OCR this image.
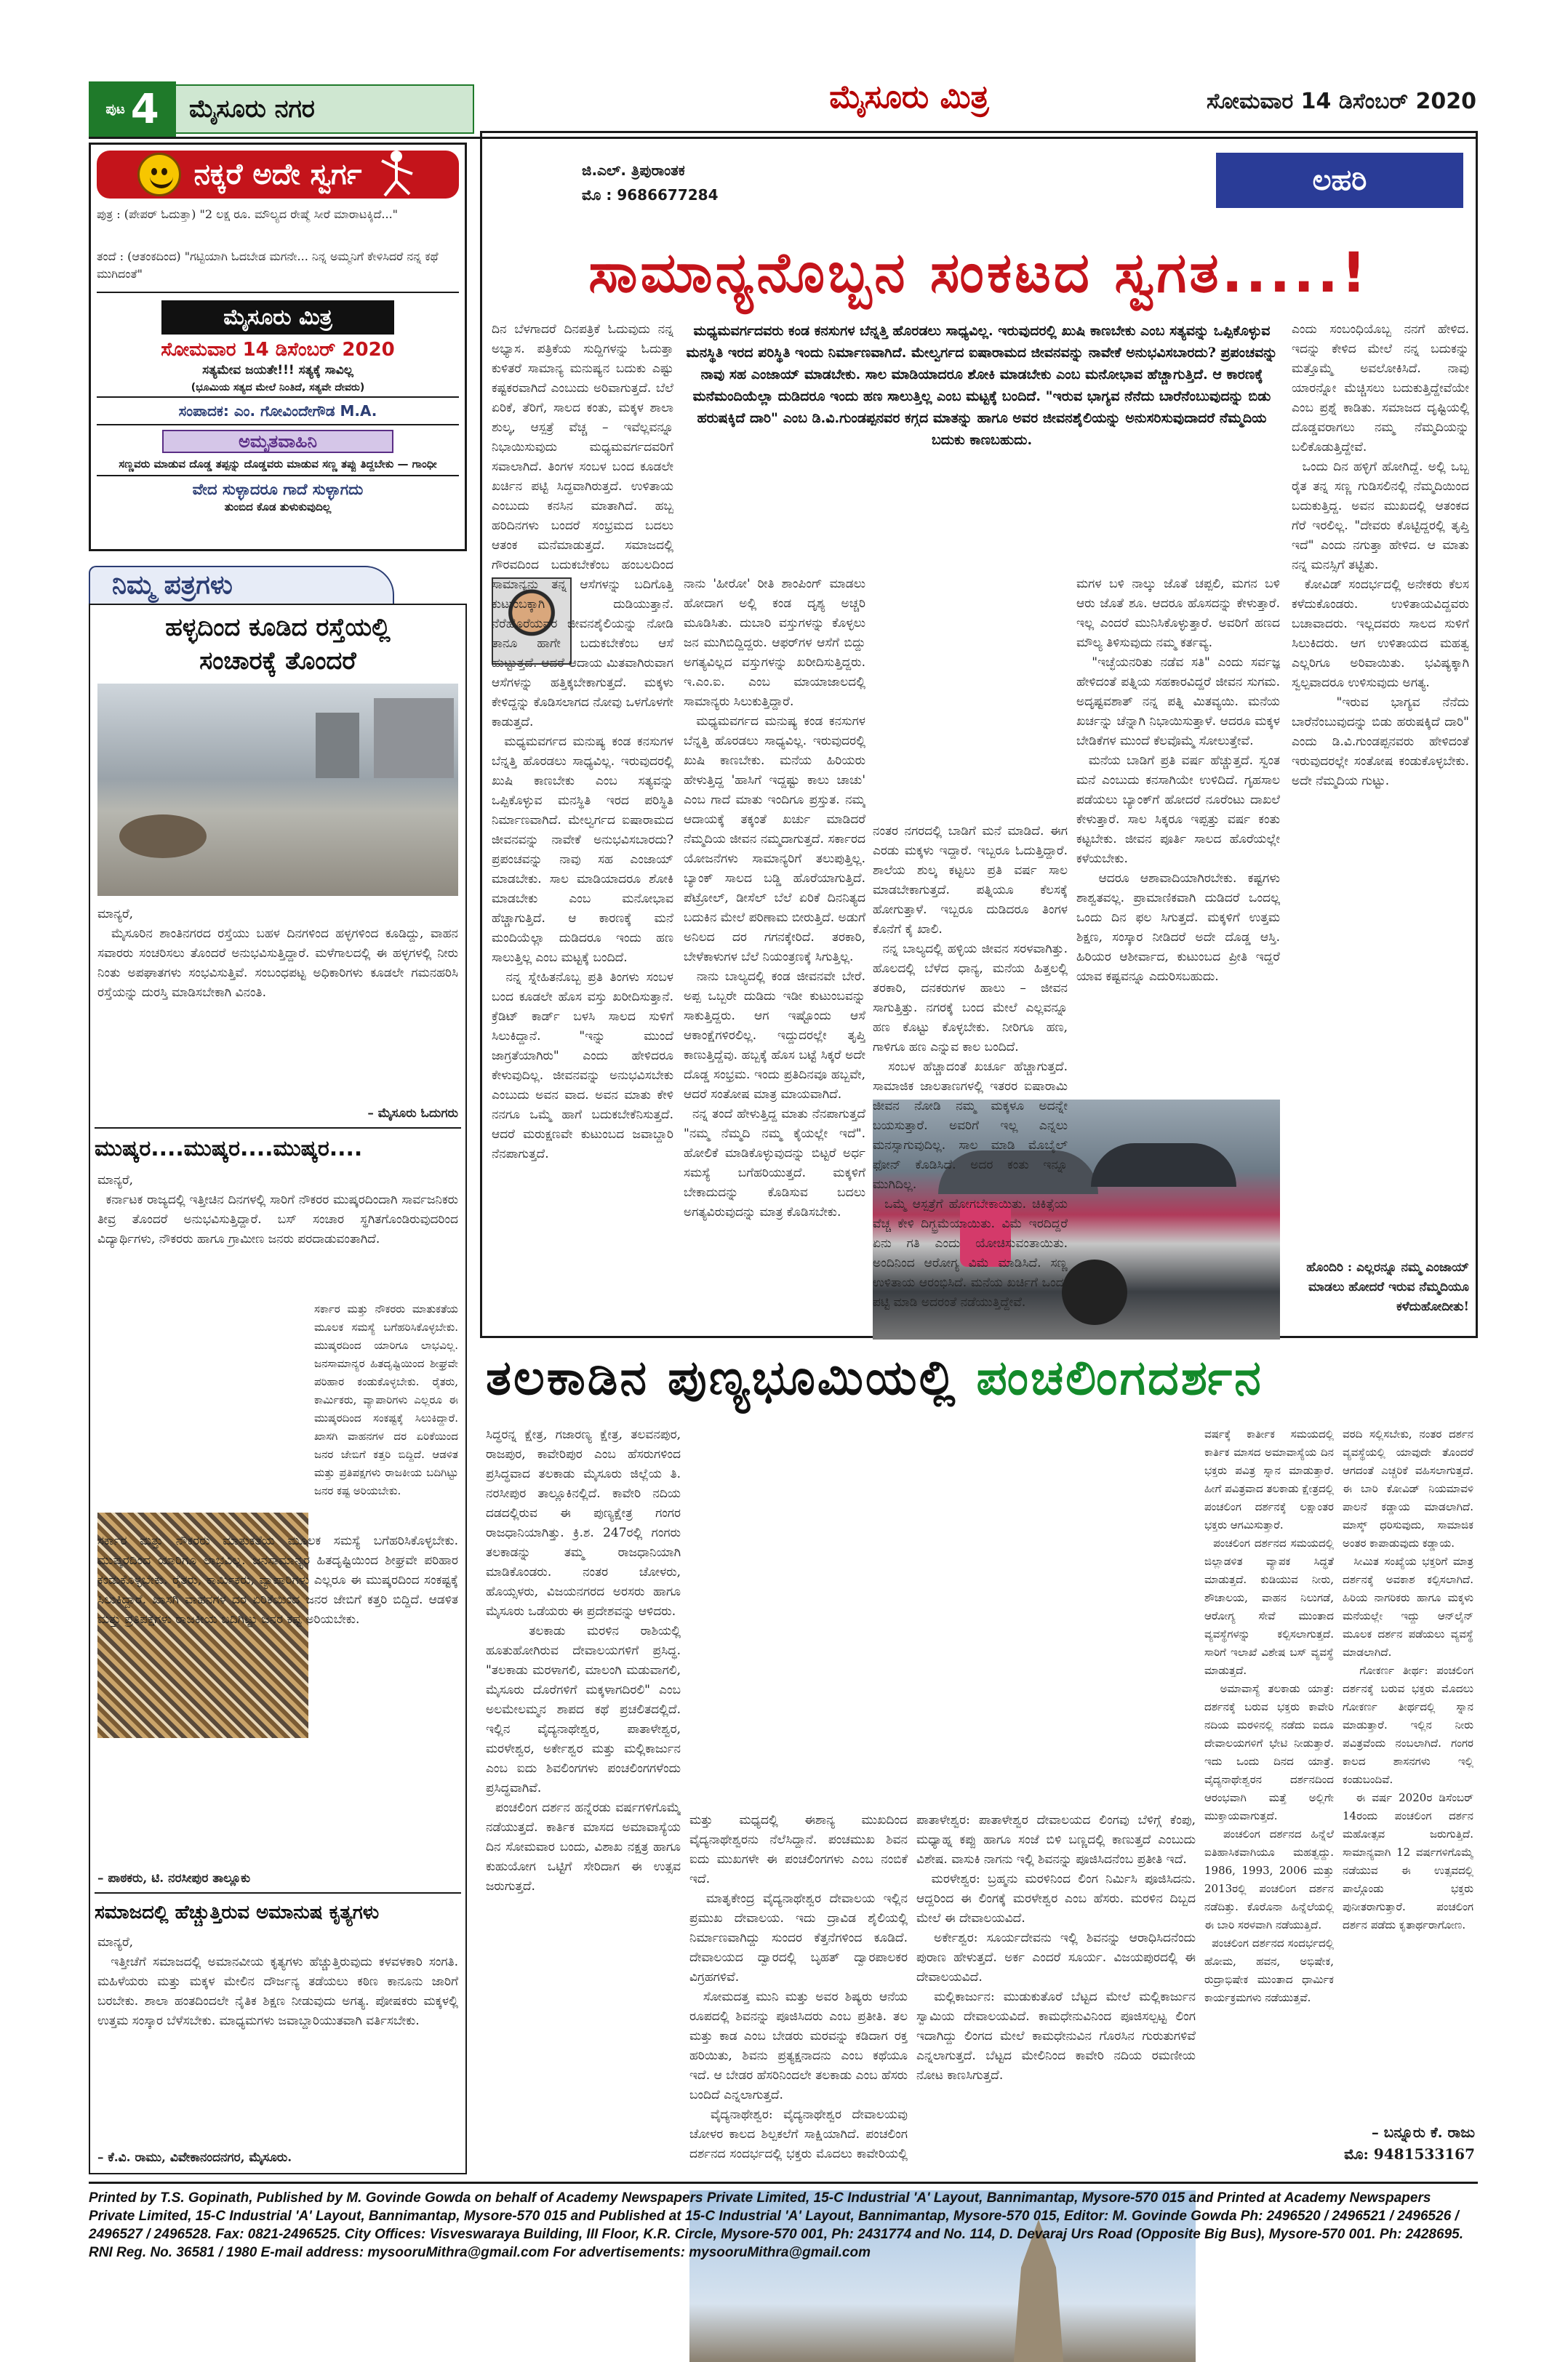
ಪುಟ 4	ಮೈಸೂರು ನಗರ	ಮೈಸೂರು ಮಿತ್ರ	ಸೋಮವಾರ 14 ಡಿಸೆಂಬರ್ 2020
ನಕ್ಕರೆ ಅದೇ ಸ್ವರ್ಗ
ಪುತ್ರ : (ಪೇಪರ್ ಓದುತ್ತಾ) "2 ಲಕ್ಷ ರೂ. ಮೌಲ್ಯದ ರೇಷ್ಮೆ ಸೀರೆ ಮಾರಾಟಕ್ಕಿದೆ..."
ತಂದೆ : (ಆತಂಕದಿಂದ) "ಗಟ್ಟಿಯಾಗಿ ಓದಬೇಡ ಮಗನೇ... ನಿನ್ನ ಅಮ್ಮನಿಗೆ ಕೇಳಿಸಿದರೆ ನನ್ನ ಕಥೆ ಮುಗಿದಂತೆ"
ಮೈಸೂರು ಮಿತ್ರ
ಸೋಮವಾರ 14 ಡಿಸೆಂಬರ್ 2020
ಸತ್ಯಮೇವ ಜಯತೇ!!! ಸತ್ಯಕ್ಕೆ ಸಾವಿಲ್ಲ
(ಭೂಮಿಯ ಸತ್ಯದ ಮೇಲೆ ನಿಂತಿದೆ, ಸತ್ಯವೇ ದೇವರು)
ಸಂಪಾದಕ: ಎಂ. ಗೋವಿಂದೇಗೌಡ M.A.
ಅಮೃತವಾಹಿನಿ
ಸಣ್ಣವರು ಮಾಡುವ ದೊಡ್ಡ ತಪ್ಪನ್ನು ದೊಡ್ಡವರು ಮಾಡುವ ಸಣ್ಣ ತಪ್ಪು ತಿದ್ದಬೇಕು — ಗಾಂಧೀ
ವೇದ ಸುಳ್ಳಾದರೂ ಗಾದೆ ಸುಳ್ಳಾಗದು
ತುಂಬಿದ ಕೊಡ ತುಳುಕುವುದಿಲ್ಲ
ನಿಮ್ಮ ಪತ್ರಗಳು
ಹಳ್ಳದಿಂದ ಕೂಡಿದ ರಸ್ತೆಯಲ್ಲಿ
ಸಂಚಾರಕ್ಕೆ ತೊಂದರೆ
ಮಾನ್ಯರೆ,
ಮೈಸೂರಿನ ಶಾಂತಿನಗರದ ರಸ್ತೆಯು ಬಹಳ ದಿನಗಳಿಂದ ಹಳ್ಳಗಳಿಂದ ಕೂಡಿದ್ದು, ವಾಹನ ಸವಾರರು ಸಂಚರಿಸಲು ತೊಂದರೆ ಅನುಭವಿಸುತ್ತಿದ್ದಾರೆ. ಮಳೆಗಾಲದಲ್ಲಿ ಈ ಹಳ್ಳಗಳಲ್ಲಿ ನೀರು ನಿಂತು ಅಪಘಾತಗಳು ಸಂಭವಿಸುತ್ತಿವೆ. ಸಂಬಂಧಪಟ್ಟ ಅಧಿಕಾರಿಗಳು ಕೂಡಲೇ ಗಮನಹರಿಸಿ ರಸ್ತೆಯನ್ನು ದುರಸ್ತಿ ಮಾಡಿಸಬೇಕಾಗಿ ವಿನಂತಿ.
– ಮೈಸೂರು ಓದುಗರು
ಮುಷ್ಕರ....ಮುಷ್ಕರ....ಮುಷ್ಕರ....
ಮಾನ್ಯರೆ,
ಕರ್ನಾಟಕ ರಾಜ್ಯದಲ್ಲಿ ಇತ್ತೀಚಿನ ದಿನಗಳಲ್ಲಿ ಸಾರಿಗೆ ನೌಕರರ ಮುಷ್ಕರದಿಂದಾಗಿ ಸಾರ್ವಜನಿಕರು ತೀವ್ರ ತೊಂದರೆ ಅನುಭವಿಸುತ್ತಿದ್ದಾರೆ. ಬಸ್ ಸಂಚಾರ ಸ್ಥಗಿತಗೊಂಡಿರುವುದರಿಂದ ವಿದ್ಯಾರ್ಥಿಗಳು, ನೌಕರರು ಹಾಗೂ ಗ್ರಾಮೀಣ ಜನರು ಪರದಾಡುವಂತಾಗಿದೆ.
ಸರ್ಕಾರ ಮತ್ತು ನೌಕರರು ಮಾತುಕತೆಯ ಮೂಲಕ ಸಮಸ್ಯೆ ಬಗೆಹರಿಸಿಕೊಳ್ಳಬೇಕು. ಮುಷ್ಕರದಿಂದ ಯಾರಿಗೂ ಲಾಭವಿಲ್ಲ. ಜನಸಾಮಾನ್ಯರ ಹಿತದೃಷ್ಟಿಯಿಂದ ಶೀಘ್ರವೇ ಪರಿಹಾರ ಕಂಡುಕೊಳ್ಳಬೇಕು. ರೈತರು, ಕಾರ್ಮಿಕರು, ವ್ಯಾಪಾರಿಗಳು ಎಲ್ಲರೂ ಈ ಮುಷ್ಕರದಿಂದ ಸಂಕಷ್ಟಕ್ಕೆ ಸಿಲುಕಿದ್ದಾರೆ. ಖಾಸಗಿ ವಾಹನಗಳ ದರ ಏರಿಕೆಯಿಂದ ಜನರ ಜೇಬಿಗೆ ಕತ್ತರಿ ಬಿದ್ದಿದೆ. ಆಡಳಿತ ಮತ್ತು ಪ್ರತಿಪಕ್ಷಗಳು ರಾಜಕೀಯ ಬದಿಗಿಟ್ಟು ಜನರ ಕಷ್ಟ ಅರಿಯಬೇಕು.
ಸರ್ಕಾರ ಮತ್ತು ನೌಕರರು ಮಾತುಕತೆಯ ಮೂಲಕ ಸಮಸ್ಯೆ ಬಗೆಹರಿಸಿಕೊಳ್ಳಬೇಕು. ಮುಷ್ಕರದಿಂದ ಯಾರಿಗೂ ಲಾಭವಿಲ್ಲ. ಜನಸಾಮಾನ್ಯರ ಹಿತದೃಷ್ಟಿಯಿಂದ ಶೀಘ್ರವೇ ಪರಿಹಾರ ಕಂಡುಕೊಳ್ಳಬೇಕು. ರೈತರು, ಕಾರ್ಮಿಕರು, ವ್ಯಾಪಾರಿಗಳು ಎಲ್ಲರೂ ಈ ಮುಷ್ಕರದಿಂದ ಸಂಕಷ್ಟಕ್ಕೆ ಸಿಲುಕಿದ್ದಾರೆ. ಖಾಸಗಿ ವಾಹನಗಳ ದರ ಏರಿಕೆಯಿಂದ ಜನರ ಜೇಬಿಗೆ ಕತ್ತರಿ ಬಿದ್ದಿದೆ. ಆಡಳಿತ ಮತ್ತು ಪ್ರತಿಪಕ್ಷಗಳು ರಾಜಕೀಯ ಬದಿಗಿಟ್ಟು ಜನರ ಕಷ್ಟ ಅರಿಯಬೇಕು.
– ಪಾಠಕರು, ಟಿ. ನರಸೀಪುರ ತಾಲ್ಲೂಕು
ಸಮಾಜದಲ್ಲಿ ಹೆಚ್ಚುತ್ತಿರುವ ಅಮಾನುಷ ಕೃತ್ಯಗಳು
ಮಾನ್ಯರೆ,
ಇತ್ತೀಚೆಗೆ ಸಮಾಜದಲ್ಲಿ ಅಮಾನವೀಯ ಕೃತ್ಯಗಳು ಹೆಚ್ಚುತ್ತಿರುವುದು ಕಳವಳಕಾರಿ ಸಂಗತಿ. ಮಹಿಳೆಯರು ಮತ್ತು ಮಕ್ಕಳ ಮೇಲಿನ ದೌರ್ಜನ್ಯ ತಡೆಯಲು ಕಠಿಣ ಕಾನೂನು ಜಾರಿಗೆ ಬರಬೇಕು. ಶಾಲಾ ಹಂತದಿಂದಲೇ ನೈತಿಕ ಶಿಕ್ಷಣ ನೀಡುವುದು ಅಗತ್ಯ. ಪೋಷಕರು ಮಕ್ಕಳಲ್ಲಿ ಉತ್ತಮ ಸಂಸ್ಕಾರ ಬೆಳೆಸಬೇಕು. ಮಾಧ್ಯಮಗಳು ಜವಾಬ್ದಾರಿಯುತವಾಗಿ ವರ್ತಿಸಬೇಕು.
– ಕೆ.ವಿ. ರಾಮು, ವಿವೇಕಾನಂದನಗರ, ಮೈಸೂರು.
ಜಿ.ಎಲ್. ತ್ರಿಪುರಾಂತಕ
ಮೊ : 9686677284	ಲಹರಿ
ಸಾಮಾನ್ಯನೊಬ್ಬನ ಸಂಕಟದ ಸ್ವಗತ.....!
ದಿನ ಬೆಳಗಾದರೆ ದಿನಪತ್ರಿಕೆ ಓದುವುದು ನನ್ನ ಅಭ್ಯಾಸ. ಪತ್ರಿಕೆಯ ಸುದ್ದಿಗಳನ್ನು ಓದುತ್ತಾ ಕುಳಿತರೆ ಸಾಮಾನ್ಯ ಮನುಷ್ಯನ ಬದುಕು ಎಷ್ಟು ಕಷ್ಟಕರವಾಗಿದೆ ಎಂಬುದು ಅರಿವಾಗುತ್ತದೆ. ಬೆಲೆ ಏರಿಕೆ, ತೆರಿಗೆ, ಸಾಲದ ಕಂತು, ಮಕ್ಕಳ ಶಾಲಾ ಶುಲ್ಕ, ಆಸ್ಪತ್ರೆ ವೆಚ್ಚ – ಇವೆಲ್ಲವನ್ನೂ ನಿಭಾಯಿಸುವುದು ಮಧ್ಯಮವರ್ಗದವರಿಗೆ ಸವಾಲಾಗಿದೆ. ತಿಂಗಳ ಸಂಬಳ ಬಂದ ಕೂಡಲೇ ಖರ್ಚಿನ ಪಟ್ಟಿ ಸಿದ್ಧವಾಗಿರುತ್ತದೆ. ಉಳಿತಾಯ ಎಂಬುದು ಕನಸಿನ ಮಾತಾಗಿದೆ. ಹಬ್ಬ ಹರಿದಿನಗಳು ಬಂದರೆ ಸಂಭ್ರಮದ ಬದಲು ಆತಂಕ ಮನೆಮಾಡುತ್ತದೆ. ಸಮಾಜದಲ್ಲಿ ಗೌರವದಿಂದ ಬದುಕಬೇಕೆಂಬ ಹಂಬಲದಿಂದ ಸಾಮಾನ್ಯನು ತನ್ನ ಆಸೆಗಳನ್ನು ಬದಿಗೊತ್ತಿ ಕುಟುಂಬಕ್ಕಾಗಿ ದುಡಿಯುತ್ತಾನೆ. ನೆರೆಹೊರೆಯವರ ಜೀವನಶೈಲಿಯನ್ನು ನೋಡಿ ತಾನೂ ಹಾಗೇ ಬದುಕಬೇಕೆಂಬ ಆಸೆ ಹುಟ್ಟುತ್ತದೆ. ಆದರೆ ಆದಾಯ ಮಿತವಾಗಿರುವಾಗ ಆಸೆಗಳನ್ನು ಹತ್ತಿಕ್ಕಬೇಕಾಗುತ್ತದೆ. ಮಕ್ಕಳು ಕೇಳಿದ್ದನ್ನು ಕೊಡಿಸಲಾಗದ ನೋವು ಒಳಗೊಳಗೇ ಕಾಡುತ್ತದೆ.
ಮಧ್ಯಮವರ್ಗದ ಮನುಷ್ಯ ಕಂಡ ಕನಸುಗಳ ಬೆನ್ನತ್ತಿ ಹೊರಡಲು ಸಾಧ್ಯವಿಲ್ಲ. ಇರುವುದರಲ್ಲಿ ಖುಷಿ ಕಾಣಬೇಕು ಎಂಬ ಸತ್ಯವನ್ನು ಒಪ್ಪಿಕೊಳ್ಳುವ ಮನಸ್ಥಿತಿ ಇರದ ಪರಿಸ್ಥಿತಿ ನಿರ್ಮಾಣವಾಗಿದೆ. ಮೇಲ್ವರ್ಗದ ಐಷಾರಾಮದ ಜೀವನವನ್ನು ನಾವೇಕೆ ಅನುಭವಿಸಬಾರದು? ಪ್ರಪಂಚವನ್ನು ನಾವು ಸಹ ಎಂಜಾಯ್ ಮಾಡಬೇಕು. ಸಾಲ ಮಾಡಿಯಾದರೂ ಶೋಕಿ ಮಾಡಬೇಕು ಎಂಬ ಮನೋಭಾವ ಹೆಚ್ಚಾಗುತ್ತಿದೆ. ಆ ಕಾರಣಕ್ಕೆ ಮನೆ ಮಂದಿಯೆಲ್ಲಾ ದುಡಿದರೂ ಇಂದು ಹಣ ಸಾಲುತ್ತಿಲ್ಲ ಎಂಬ ಮಟ್ಟಕ್ಕೆ ಬಂದಿದೆ.
ನನ್ನ ಸ್ನೇಹಿತನೊಬ್ಬ ಪ್ರತಿ ತಿಂಗಳು ಸಂಬಳ ಬಂದ ಕೂಡಲೇ ಹೊಸ ವಸ್ತು ಖರೀದಿಸುತ್ತಾನೆ. ಕ್ರೆಡಿಟ್ ಕಾರ್ಡ್ ಬಳಸಿ ಸಾಲದ ಸುಳಿಗೆ ಸಿಲುಕಿದ್ದಾನೆ. "ಇನ್ನು ಮುಂದೆ ಜಾಗ್ರತೆಯಾಗಿರು" ಎಂದು ಹೇಳಿದರೂ ಕೇಳುವುದಿಲ್ಲ. ಜೀವನವನ್ನು ಅನುಭವಿಸಬೇಕು ಎಂಬುದು ಅವನ ವಾದ. ಅವನ ಮಾತು ಕೇಳಿ ನನಗೂ ಒಮ್ಮೆ ಹಾಗೆ ಬದುಕಬೇಕೆನಿಸುತ್ತದೆ. ಆದರೆ ಮರುಕ್ಷಣವೇ ಕುಟುಂಬದ ಜವಾಬ್ದಾರಿ ನೆನಪಾಗುತ್ತದೆ.
ಮಧ್ಯಮವರ್ಗದವರು ಕಂಡ ಕನಸುಗಳ ಬೆನ್ನತ್ತಿ ಹೊರಡಲು ಸಾಧ್ಯವಿಲ್ಲ. ಇರುವುದರಲ್ಲಿ ಖುಷಿ ಕಾಣಬೇಕು ಎಂಬ ಸತ್ಯವನ್ನು ಒಪ್ಪಿಕೊಳ್ಳುವ ಮನಸ್ಥಿತಿ ಇರದ ಪರಿಸ್ಥಿತಿ ಇಂದು ನಿರ್ಮಾಣವಾಗಿದೆ. ಮೇಲ್ವರ್ಗದ ಐಷಾರಾಮದ ಜೀವನವನ್ನು ನಾವೇಕೆ ಅನುಭವಿಸಬಾರದು? ಪ್ರಪಂಚವನ್ನು ನಾವು ಸಹ ಎಂಜಾಯ್ ಮಾಡಬೇಕು. ಸಾಲ ಮಾಡಿಯಾದರೂ ಶೋಕಿ ಮಾಡಬೇಕು ಎಂಬ ಮನೋಭಾವ ಹೆಚ್ಚಾಗುತ್ತಿದೆ. ಆ ಕಾರಣಕ್ಕೆ ಮನೆಮಂದಿಯೆಲ್ಲಾ ದುಡಿದರೂ ಇಂದು ಹಣ ಸಾಲುತ್ತಿಲ್ಲ ಎಂಬ ಮಟ್ಟಕ್ಕೆ ಬಂದಿದೆ. "ಇರುವ ಭಾಗ್ಯವ ನೆನೆದು ಬಾರೆನೆಂಬುವುದನ್ನು ಬಿಡು ಹರುಷಕ್ಕಿದೆ ದಾರಿ" ಎಂಬ ಡಿ.ವಿ.ಗುಂಡಪ್ಪನವರ ಕಗ್ಗದ ಮಾತನ್ನು ಹಾಗೂ ಅವರ ಜೀವನಶೈಲಿಯನ್ನು ಅನುಸರಿಸುವುದಾದರೆ ನೆಮ್ಮದಿಯ ಬದುಕು ಕಾಣಬಹುದು.
ನಾನು 'ಹೀರೋ' ರೀತಿ ಶಾಂಪಿಂಗ್ ಮಾಡಲು ಹೋದಾಗ ಅಲ್ಲಿ ಕಂಡ ದೃಶ್ಯ ಅಚ್ಚರಿ ಮೂಡಿಸಿತು. ದುಬಾರಿ ವಸ್ತುಗಳನ್ನು ಕೊಳ್ಳಲು ಜನ ಮುಗಿಬಿದ್ದಿದ್ದರು. ಆಫರ್‌ಗಳ ಆಸೆಗೆ ಬಿದ್ದು ಅಗತ್ಯವಿಲ್ಲದ ವಸ್ತುಗಳನ್ನು ಖರೀದಿಸುತ್ತಿದ್ದರು. ಇ.ಎಂ.ಐ. ಎಂಬ ಮಾಯಾಜಾಲದಲ್ಲಿ ಸಾಮಾನ್ಯರು ಸಿಲುಕುತ್ತಿದ್ದಾರೆ.
ಮಧ್ಯಮವರ್ಗದ ಮನುಷ್ಯ ಕಂಡ ಕನಸುಗಳ ಬೆನ್ನತ್ತಿ ಹೊರಡಲು ಸಾಧ್ಯವಿಲ್ಲ. ಇರುವುದರಲ್ಲಿ ಖುಷಿ ಕಾಣಬೇಕು. ಮನೆಯ ಹಿರಿಯರು ಹೇಳುತ್ತಿದ್ದ 'ಹಾಸಿಗೆ ಇದ್ದಷ್ಟು ಕಾಲು ಚಾಚು' ಎಂಬ ಗಾದೆ ಮಾತು ಇಂದಿಗೂ ಪ್ರಸ್ತುತ. ನಮ್ಮ ಆದಾಯಕ್ಕೆ ತಕ್ಕಂತೆ ಖರ್ಚು ಮಾಡಿದರೆ ನೆಮ್ಮದಿಯ ಜೀವನ ನಮ್ಮದಾಗುತ್ತದೆ. ಸರ್ಕಾರದ ಯೋಜನೆಗಳು ಸಾಮಾನ್ಯರಿಗೆ ತಲುಪುತ್ತಿಲ್ಲ. ಬ್ಯಾಂಕ್ ಸಾಲದ ಬಡ್ಡಿ ಹೊರೆಯಾಗುತ್ತಿದೆ. ಪೆಟ್ರೋಲ್, ಡೀಸೆಲ್ ಬೆಲೆ ಏರಿಕೆ ದಿನನಿತ್ಯದ ಬದುಕಿನ ಮೇಲೆ ಪರಿಣಾಮ ಬೀರುತ್ತಿದೆ. ಅಡುಗೆ ಅನಿಲದ ದರ ಗಗನಕ್ಕೇರಿದೆ. ತರಕಾರಿ, ಬೇಳೆಕಾಳುಗಳ ಬೆಲೆ ನಿಯಂತ್ರಣಕ್ಕೆ ಸಿಗುತ್ತಿಲ್ಲ.
ನಾನು ಬಾಲ್ಯದಲ್ಲಿ ಕಂಡ ಜೀವನವೇ ಬೇರೆ. ಅಪ್ಪ ಒಬ್ಬರೇ ದುಡಿದು ಇಡೀ ಕುಟುಂಬವನ್ನು ಸಾಕುತ್ತಿದ್ದರು. ಆಗ ಇಷ್ಟೊಂದು ಆಸೆ ಆಕಾಂಕ್ಷೆಗಳಿರಲಿಲ್ಲ. ಇದ್ದುದರಲ್ಲೇ ತೃಪ್ತಿ ಕಾಣುತ್ತಿದ್ದೆವು. ಹಬ್ಬಕ್ಕೆ ಹೊಸ ಬಟ್ಟೆ ಸಿಕ್ಕರೆ ಅದೇ ದೊಡ್ಡ ಸಂಭ್ರಮ. ಇಂದು ಪ್ರತಿದಿನವೂ ಹಬ್ಬವೇ, ಆದರೆ ಸಂತೋಷ ಮಾತ್ರ ಮಾಯವಾಗಿದೆ.
ನನ್ನ ತಂದೆ ಹೇಳುತ್ತಿದ್ದ ಮಾತು ನೆನಪಾಗುತ್ತದೆ "ನಮ್ಮ ನೆಮ್ಮದಿ ನಮ್ಮ ಕೈಯಲ್ಲೇ ಇದೆ". ಹೋಲಿಕೆ ಮಾಡಿಕೊಳ್ಳುವುದನ್ನು ಬಿಟ್ಟರೆ ಅರ್ಧ ಸಮಸ್ಯೆ ಬಗೆಹರಿಯುತ್ತದೆ. ಮಕ್ಕಳಿಗೆ ಬೇಕಾದುದನ್ನು ಕೊಡಿಸುವ ಬದಲು ಅಗತ್ಯವಿರುವುದನ್ನು ಮಾತ್ರ ಕೊಡಿಸಬೇಕು.
ನಂತರ ನಗರದಲ್ಲಿ ಬಾಡಿಗೆ ಮನೆ ಮಾಡಿದೆ. ಈಗ ಎರಡು ಮಕ್ಕಳು ಇದ್ದಾರೆ. ಇಬ್ಬರೂ ಓದುತ್ತಿದ್ದಾರೆ. ಶಾಲೆಯ ಶುಲ್ಕ ಕಟ್ಟಲು ಪ್ರತಿ ವರ್ಷ ಸಾಲ ಮಾಡಬೇಕಾಗುತ್ತದೆ. ಪತ್ನಿಯೂ ಕೆಲಸಕ್ಕೆ ಹೋಗುತ್ತಾಳೆ. ಇಬ್ಬರೂ ದುಡಿದರೂ ತಿಂಗಳ ಕೊನೆಗೆ ಕೈ ಖಾಲಿ.
ನನ್ನ ಬಾಲ್ಯದಲ್ಲಿ ಹಳ್ಳಿಯ ಜೀವನ ಸರಳವಾಗಿತ್ತು. ಹೊಲದಲ್ಲಿ ಬೆಳೆದ ಧಾನ್ಯ, ಮನೆಯ ಹಿತ್ತಲಲ್ಲಿ ತರಕಾರಿ, ದನಕರುಗಳ ಹಾಲು – ಜೀವನ ಸಾಗುತ್ತಿತ್ತು. ನಗರಕ್ಕೆ ಬಂದ ಮೇಲೆ ಎಲ್ಲವನ್ನೂ ಹಣ ಕೊಟ್ಟು ಕೊಳ್ಳಬೇಕು. ನೀರಿಗೂ ಹಣ, ಗಾಳಿಗೂ ಹಣ ಎನ್ನುವ ಕಾಲ ಬಂದಿದೆ.
ಸಂಬಳ ಹೆಚ್ಚಾದಂತೆ ಖರ್ಚೂ ಹೆಚ್ಚಾಗುತ್ತದೆ. ಸಾಮಾಜಿಕ ಜಾಲತಾಣಗಳಲ್ಲಿ ಇತರರ ಐಷಾರಾಮಿ ಜೀವನ ನೋಡಿ ನಮ್ಮ ಮಕ್ಕಳೂ ಅದನ್ನೇ ಬಯಸುತ್ತಾರೆ. ಅವರಿಗೆ ಇಲ್ಲ ಎನ್ನಲು ಮನಸ್ಸಾಗುವುದಿಲ್ಲ. ಸಾಲ ಮಾಡಿ ಮೊಬೈಲ್ ಫೋನ್ ಕೊಡಿಸಿದೆ. ಅದರ ಕಂತು ಇನ್ನೂ ಮುಗಿದಿಲ್ಲ.
ಒಮ್ಮೆ ಆಸ್ಪತ್ರೆಗೆ ಹೋಗಬೇಕಾಯಿತು. ಚಿಕಿತ್ಸೆಯ ವೆಚ್ಚ ಕೇಳಿ ದಿಗ್ಭ್ರಮೆಯಾಯಿತು. ವಿಮೆ ಇರದಿದ್ದರೆ ಏನು ಗತಿ ಎಂದು ಯೋಚಿಸುವಂತಾಯಿತು. ಅಂದಿನಿಂದ ಆರೋಗ್ಯ ವಿಮೆ ಮಾಡಿಸಿದೆ. ಸಣ್ಣ ಉಳಿತಾಯ ಆರಂಭಿಸಿದೆ. ಮನೆಯ ಖರ್ಚಿಗೆ ಒಂದು ಪಟ್ಟಿ ಮಾಡಿ ಅದರಂತೆ ನಡೆಯುತ್ತಿದ್ದೇವೆ.
ಮಗಳ ಬಳಿ ನಾಲ್ಕು ಜೊತೆ ಚಪ್ಪಲಿ, ಮಗನ ಬಳಿ ಆರು ಜೊತೆ ಶೂ. ಆದರೂ ಹೊಸದನ್ನು ಕೇಳುತ್ತಾರೆ. ಇಲ್ಲ ಎಂದರೆ ಮುನಿಸಿಕೊಳ್ಳುತ್ತಾರೆ. ಅವರಿಗೆ ಹಣದ ಮೌಲ್ಯ ತಿಳಿಸುವುದು ನಮ್ಮ ಕರ್ತವ್ಯ.
"ಇಚ್ಛೆಯನರಿತು ನಡೆವ ಸತಿ" ಎಂದು ಸರ್ವಜ್ಞ ಹೇಳಿದಂತೆ ಪತ್ನಿಯ ಸಹಕಾರವಿದ್ದರೆ ಜೀವನ ಸುಗಮ. ಅದೃಷ್ಟವಶಾತ್ ನನ್ನ ಪತ್ನಿ ಮಿತವ್ಯಯಿ. ಮನೆಯ ಖರ್ಚನ್ನು ಚೆನ್ನಾಗಿ ನಿಭಾಯಿಸುತ್ತಾಳೆ. ಆದರೂ ಮಕ್ಕಳ ಬೇಡಿಕೆಗಳ ಮುಂದೆ ಕೆಲವೊಮ್ಮೆ ಸೋಲುತ್ತೇವೆ.
ಮನೆಯ ಬಾಡಿಗೆ ಪ್ರತಿ ವರ್ಷ ಹೆಚ್ಚುತ್ತದೆ. ಸ್ವಂತ ಮನೆ ಎಂಬುದು ಕನಸಾಗಿಯೇ ಉಳಿದಿದೆ. ಗೃಹಸಾಲ ಪಡೆಯಲು ಬ್ಯಾಂಕ್‌ಗೆ ಹೋದರೆ ನೂರೆಂಟು ದಾಖಲೆ ಕೇಳುತ್ತಾರೆ. ಸಾಲ ಸಿಕ್ಕರೂ ಇಪ್ಪತ್ತು ವರ್ಷ ಕಂತು ಕಟ್ಟಬೇಕು. ಜೀವನ ಪೂರ್ತಿ ಸಾಲದ ಹೊರೆಯಲ್ಲೇ ಕಳೆಯಬೇಕು.
ಆದರೂ ಆಶಾವಾದಿಯಾಗಿರಬೇಕು. ಕಷ್ಟಗಳು ಶಾಶ್ವತವಲ್ಲ. ಪ್ರಾಮಾಣಿಕವಾಗಿ ದುಡಿದರೆ ಒಂದಲ್ಲ ಒಂದು ದಿನ ಫಲ ಸಿಗುತ್ತದೆ. ಮಕ್ಕಳಿಗೆ ಉತ್ತಮ ಶಿಕ್ಷಣ, ಸಂಸ್ಕಾರ ನೀಡಿದರೆ ಅದೇ ದೊಡ್ಡ ಆಸ್ತಿ. ಹಿರಿಯರ ಆಶೀರ್ವಾದ, ಕುಟುಂಬದ ಪ್ರೀತಿ ಇದ್ದರೆ ಯಾವ ಕಷ್ಟವನ್ನೂ ಎದುರಿಸಬಹುದು.
ಎಂದು ಸಂಬಂಧಿಯೊಬ್ಬ ನನಗೆ ಹೇಳಿದ. ಇದನ್ನು ಕೇಳಿದ ಮೇಲೆ ನನ್ನ ಬದುಕನ್ನು ಮತ್ತೊಮ್ಮೆ ಅವಲೋಕಿಸಿದೆ. ನಾವು ಯಾರನ್ನೋ ಮೆಚ್ಚಿಸಲು ಬದುಕುತ್ತಿದ್ದೇವೆಯೇ ಎಂಬ ಪ್ರಶ್ನೆ ಕಾಡಿತು. ಸಮಾಜದ ದೃಷ್ಟಿಯಲ್ಲಿ ದೊಡ್ಡವರಾಗಲು ನಮ್ಮ ನೆಮ್ಮದಿಯನ್ನು ಬಲಿಕೊಡುತ್ತಿದ್ದೇವೆ.
ಒಂದು ದಿನ ಹಳ್ಳಿಗೆ ಹೋಗಿದ್ದೆ. ಅಲ್ಲಿ ಒಬ್ಬ ರೈತ ತನ್ನ ಸಣ್ಣ ಗುಡಿಸಲಿನಲ್ಲಿ ನೆಮ್ಮದಿಯಿಂದ ಬದುಕುತ್ತಿದ್ದ. ಅವನ ಮುಖದಲ್ಲಿ ಆತಂಕದ ಗೆರೆ ಇರಲಿಲ್ಲ. "ದೇವರು ಕೊಟ್ಟಿದ್ದರಲ್ಲಿ ತೃಪ್ತಿ ಇದೆ" ಎಂದು ನಗುತ್ತಾ ಹೇಳಿದ. ಆ ಮಾತು ನನ್ನ ಮನಸ್ಸಿಗೆ ತಟ್ಟಿತು.
ಕೋವಿಡ್ ಸಂದರ್ಭದಲ್ಲಿ ಅನೇಕರು ಕೆಲಸ ಕಳೆದುಕೊಂಡರು. ಉಳಿತಾಯವಿದ್ದವರು ಬಚಾವಾದರು. ಇಲ್ಲದವರು ಸಾಲದ ಸುಳಿಗೆ ಸಿಲುಕಿದರು. ಆಗ ಉಳಿತಾಯದ ಮಹತ್ವ ಎಲ್ಲರಿಗೂ ಅರಿವಾಯಿತು. ಭವಿಷ್ಯಕ್ಕಾಗಿ ಸ್ವಲ್ಪವಾದರೂ ಉಳಿಸುವುದು ಅಗತ್ಯ.
"ಇರುವ ಭಾಗ್ಯವ ನೆನೆದು ಬಾರೆನೆಂಬುವುದನ್ನು ಬಿಡು ಹರುಷಕ್ಕಿದೆ ದಾರಿ" ಎಂದು ಡಿ.ವಿ.ಗುಂಡಪ್ಪನವರು ಹೇಳಿದಂತೆ ಇರುವುದರಲ್ಲೇ ಸಂತೋಷ ಕಂಡುಕೊಳ್ಳಬೇಕು. ಅದೇ ನೆಮ್ಮದಿಯ ಗುಟ್ಟು.
ಹೊಂದಿರಿ : ಎಲ್ಲರನ್ನೂ ನಮ್ಮ ಎಂಜಾಯ್ ಮಾಡಲು ಹೋದರೆ ಇರುವ ನೆಮ್ಮದಿಯೂ ಕಳೆದುಹೋದೀತು!
ತಲಕಾಡಿನ ಪುಣ್ಯಭೂಮಿಯಲ್ಲಿ ಪಂಚಲಿಂಗದರ್ಶನ
ಸಿದ್ಧರನ್ನ ಕ್ಷೇತ್ರ, ಗಜಾರಣ್ಯ ಕ್ಷೇತ್ರ, ತಲವನಪುರ, ರಾಜಪುರ, ಕಾವೇರಿಪುರ ಎಂಬ ಹೆಸರುಗಳಿಂದ ಪ್ರಸಿದ್ಧವಾದ ತಲಕಾಡು ಮೈಸೂರು ಜಿಲ್ಲೆಯ ತಿ. ನರಸೀಪುರ ತಾಲ್ಲೂಕಿನಲ್ಲಿದೆ. ಕಾವೇರಿ ನದಿಯ ದಡದಲ್ಲಿರುವ ಈ ಪುಣ್ಯಕ್ಷೇತ್ರ ಗಂಗರ ರಾಜಧಾನಿಯಾಗಿತ್ತು. ಕ್ರಿ.ಶ. 247ರಲ್ಲಿ ಗಂಗರು ತಲಕಾಡನ್ನು ತಮ್ಮ ರಾಜಧಾನಿಯಾಗಿ ಮಾಡಿಕೊಂಡರು. ನಂತರ ಚೋಳರು, ಹೊಯ್ಸಳರು, ವಿಜಯನಗರದ ಅರಸರು ಹಾಗೂ ಮೈಸೂರು ಒಡೆಯರು ಈ ಪ್ರದೇಶವನ್ನು ಆಳಿದರು.
ತಲಕಾಡು ಮರಳಿನ ರಾಶಿಯಲ್ಲಿ ಹೂತುಹೋಗಿರುವ ದೇವಾಲಯಗಳಿಗೆ ಪ್ರಸಿದ್ಧ. "ತಲಕಾಡು ಮರಳಾಗಲಿ, ಮಾಲಂಗಿ ಮಡುವಾಗಲಿ, ಮೈಸೂರು ದೊರೆಗಳಿಗೆ ಮಕ್ಕಳಾಗದಿರಲಿ" ಎಂಬ ಅಲಮೇಲಮ್ಮನ ಶಾಪದ ಕಥೆ ಪ್ರಚಲಿತದಲ್ಲಿದೆ. ಇಲ್ಲಿನ ವೈದ್ಯನಾಥೇಶ್ವರ, ಪಾತಾಳೇಶ್ವರ, ಮರಳೇಶ್ವರ, ಅರ್ಕೇಶ್ವರ ಮತ್ತು ಮಲ್ಲಿಕಾರ್ಜುನ ಎಂಬ ಐದು ಶಿವಲಿಂಗಗಳು ಪಂಚಲಿಂಗಗಳೆಂದು ಪ್ರಸಿದ್ಧವಾಗಿವೆ.
ಪಂಚಲಿಂಗ ದರ್ಶನ ಹನ್ನೆರಡು ವರ್ಷಗಳಿಗೊಮ್ಮೆ ನಡೆಯುತ್ತದೆ. ಕಾರ್ತಿಕ ಮಾಸದ ಅಮಾವಾಸ್ಯೆಯ ದಿನ ಸೋಮವಾರ ಬಂದು, ವಿಶಾಖ ನಕ್ಷತ್ರ ಹಾಗೂ ಕುಹುಯೋಗ ಒಟ್ಟಿಗೆ ಸೇರಿದಾಗ ಈ ಉತ್ಸವ ಜರುಗುತ್ತದೆ.
ಮತ್ತು ಮಧ್ಯದಲ್ಲಿ ಈಶಾನ್ಯ ಮುಖದಿಂದ ವೈದ್ಯನಾಥೇಶ್ವರನು ನೆಲೆಸಿದ್ದಾನೆ. ಪಂಚಮುಖ ಶಿವನ ಐದು ಮುಖಗಳೇ ಈ ಪಂಚಲಿಂಗಗಳು ಎಂಬ ನಂಬಿಕೆ ಇದೆ.
ಮಾತೃಕೇಂದ್ರ ವೈದ್ಯನಾಥೇಶ್ವರ ದೇವಾಲಯ ಇಲ್ಲಿನ ಪ್ರಮುಖ ದೇವಾಲಯ. ಇದು ದ್ರಾವಿಡ ಶೈಲಿಯಲ್ಲಿ ನಿರ್ಮಾಣವಾಗಿದ್ದು ಸುಂದರ ಕೆತ್ತನೆಗಳಿಂದ ಕೂಡಿದೆ. ದೇವಾಲಯದ ದ್ವಾರದಲ್ಲಿ ಬೃಹತ್ ದ್ವಾರಪಾಲಕರ ವಿಗ್ರಹಗಳಿವೆ.
ಸೋಮದತ್ತ ಮುನಿ ಮತ್ತು ಅವರ ಶಿಷ್ಯರು ಆನೆಯ ರೂಪದಲ್ಲಿ ಶಿವನನ್ನು ಪೂಜಿಸಿದರು ಎಂಬ ಪ್ರತೀತಿ. ತಲ ಮತ್ತು ಕಾಡ ಎಂಬ ಬೇಡರು ಮರವನ್ನು ಕಡಿದಾಗ ರಕ್ತ ಹರಿಯಿತು, ಶಿವನು ಪ್ರತ್ಯಕ್ಷನಾದನು ಎಂಬ ಕಥೆಯೂ ಇದೆ. ಆ ಬೇಡರ ಹೆಸರಿನಿಂದಲೇ ತಲಕಾಡು ಎಂಬ ಹೆಸರು ಬಂದಿದೆ ಎನ್ನಲಾಗುತ್ತದೆ.
ವೈದ್ಯನಾಥೇಶ್ವರ: ವೈದ್ಯನಾಥೇಶ್ವರ ದೇವಾಲಯವು ಚೋಳರ ಕಾಲದ ಶಿಲ್ಪಕಲೆಗೆ ಸಾಕ್ಷಿಯಾಗಿದೆ. ಪಂಚಲಿಂಗ ದರ್ಶನದ ಸಂದರ್ಭದಲ್ಲಿ ಭಕ್ತರು ಮೊದಲು ಕಾವೇರಿಯಲ್ಲಿ

ಪಾತಾಳೇಶ್ವರ: ಪಾತಾಳೇಶ್ವರ ದೇವಾಲಯದ ಲಿಂಗವು ಬೆಳಿಗ್ಗೆ ಕೆಂಪು, ಮಧ್ಯಾಹ್ನ ಕಪ್ಪು ಹಾಗೂ ಸಂಜೆ ಬಿಳಿ ಬಣ್ಣದಲ್ಲಿ ಕಾಣುತ್ತದೆ ಎಂಬುದು ವಿಶೇಷ. ವಾಸುಕಿ ನಾಗನು ಇಲ್ಲಿ ಶಿವನನ್ನು ಪೂಜಿಸಿದನೆಂಬ ಪ್ರತೀತಿ ಇದೆ.
ಮರಳೇಶ್ವರ: ಬ್ರಹ್ಮನು ಮರಳಿನಿಂದ ಲಿಂಗ ನಿರ್ಮಿಸಿ ಪೂಜಿಸಿದನು. ಆದ್ದರಿಂದ ಈ ಲಿಂಗಕ್ಕೆ ಮರಳೇಶ್ವರ ಎಂಬ ಹೆಸರು. ಮರಳಿನ ದಿಬ್ಬದ ಮೇಲೆ ಈ ದೇವಾಲಯವಿದೆ.
ಅರ್ಕೇಶ್ವರ: ಸೂರ್ಯದೇವನು ಇಲ್ಲಿ ಶಿವನನ್ನು ಆರಾಧಿಸಿದನೆಂದು ಪುರಾಣ ಹೇಳುತ್ತದೆ. ಅರ್ಕ ಎಂದರೆ ಸೂರ್ಯ. ವಿಜಯಪುರದಲ್ಲಿ ಈ ದೇವಾಲಯವಿದೆ.
ಮಲ್ಲಿಕಾರ್ಜುನ: ಮುಡುಕುತೊರೆ ಬೆಟ್ಟದ ಮೇಲೆ ಮಲ್ಲಿಕಾರ್ಜುನ ಸ್ವಾಮಿಯ ದೇವಾಲಯವಿದೆ. ಕಾಮಧೇನುವಿನಿಂದ ಪೂಜಿಸಲ್ಪಟ್ಟ ಲಿಂಗ ಇದಾಗಿದ್ದು ಲಿಂಗದ ಮೇಲೆ ಕಾಮಧೇನುವಿನ ಗೊರಸಿನ ಗುರುತುಗಳಿವೆ ಎನ್ನಲಾಗುತ್ತದೆ. ಬೆಟ್ಟದ ಮೇಲಿನಿಂದ ಕಾವೇರಿ ನದಿಯ ರಮಣೀಯ ನೋಟ ಕಾಣಸಿಗುತ್ತದೆ.
ವರ್ಷಕ್ಕೆ ಕಾರ್ತೀಕ ಸಮಯದಲ್ಲಿ ಕಾರ್ತಿಕ ಮಾಸದ ಅಮಾವಾಸ್ಯೆಯ ದಿನ ಭಕ್ತರು ಪವಿತ್ರ ಸ್ನಾನ ಮಾಡುತ್ತಾರೆ. ಹೀಗೆ ಪವಿತ್ರವಾದ ತಲಕಾಡು ಕ್ಷೇತ್ರದಲ್ಲಿ ಪಂಚಲಿಂಗ ದರ್ಶನಕ್ಕೆ ಲಕ್ಷಾಂತರ ಭಕ್ತರು ಆಗಮಿಸುತ್ತಾರೆ.
ಪಂಚಲಿಂಗ ದರ್ಶನದ ಸಮಯದಲ್ಲಿ ಜಿಲ್ಲಾಡಳಿತ ವ್ಯಾಪಕ ಸಿದ್ಧತೆ ಮಾಡುತ್ತದೆ. ಕುಡಿಯುವ ನೀರು, ಶೌಚಾಲಯ, ವಾಹನ ನಿಲುಗಡೆ, ಆರೋಗ್ಯ ಸೇವೆ ಮುಂತಾದ ವ್ಯವಸ್ಥೆಗಳನ್ನು ಕಲ್ಪಿಸಲಾಗುತ್ತದೆ. ಸಾರಿಗೆ ಇಲಾಖೆ ವಿಶೇಷ ಬಸ್ ವ್ಯವಸ್ಥೆ ಮಾಡುತ್ತದೆ.
ಅಮಾವಾಸ್ಯೆ ತಲಕಾಡು ಯಾತ್ರೆ: ದರ್ಶನಕ್ಕೆ ಬರುವ ಭಕ್ತರು ಕಾವೇರಿ ನದಿಯ ಮರಳಿನಲ್ಲಿ ನಡೆದು ಐದೂ ದೇವಾಲಯಗಳಿಗೆ ಭೇಟಿ ನೀಡುತ್ತಾರೆ. ಇದು ಒಂದು ದಿನದ ಯಾತ್ರೆ. ವೈದ್ಯನಾಥೇಶ್ವರನ ದರ್ಶನದಿಂದ ಆರಂಭವಾಗಿ ಮತ್ತೆ ಅಲ್ಲಿಗೇ ಮುಕ್ತಾಯವಾಗುತ್ತದೆ.
ಪಂಚಲಿಂಗ ದರ್ಶನದ ಹಿನ್ನೆಲೆ ಐತಿಹಾಸಿಕವಾಗಿಯೂ ಮಹತ್ವದ್ದು. 1986, 1993, 2006 ಮತ್ತು 2013ರಲ್ಲಿ ಪಂಚಲಿಂಗ ದರ್ಶನ ನಡೆದಿತ್ತು. ಕೊರೊನಾ ಹಿನ್ನೆಲೆಯಲ್ಲಿ ಈ ಬಾರಿ ಸರಳವಾಗಿ ನಡೆಯುತ್ತಿದೆ.
ಪಂಚಲಿಂಗ ದರ್ಶನದ ಸಂದರ್ಭದಲ್ಲಿ ಹೋಮ, ಹವನ, ಅಭಿಷೇಕ, ರುದ್ರಾಭಿಷೇಕ ಮುಂತಾದ ಧಾರ್ಮಿಕ ಕಾರ್ಯಕ್ರಮಗಳು ನಡೆಯುತ್ತವೆ.
ವರದಿ ಸಲ್ಲಿಸಬೇಕು, ನಂತರ ದರ್ಶನ ವ್ಯವಸ್ಥೆಯಲ್ಲಿ ಯಾವುದೇ ತೊಂದರೆ ಆಗದಂತೆ ಎಚ್ಚರಿಕೆ ವಹಿಸಲಾಗುತ್ತದೆ. ಈ ಬಾರಿ ಕೋವಿಡ್ ನಿಯಮಾವಳಿ ಪಾಲನೆ ಕಡ್ಡಾಯ ಮಾಡಲಾಗಿದೆ. ಮಾಸ್ಕ್ ಧರಿಸುವುದು, ಸಾಮಾಜಿಕ ಅಂತರ ಕಾಪಾಡುವುದು ಕಡ್ಡಾಯ.
ಸೀಮಿತ ಸಂಖ್ಯೆಯ ಭಕ್ತರಿಗೆ ಮಾತ್ರ ದರ್ಶನಕ್ಕೆ ಅವಕಾಶ ಕಲ್ಪಿಸಲಾಗಿದೆ. ಹಿರಿಯ ನಾಗರಿಕರು ಹಾಗೂ ಮಕ್ಕಳು ಮನೆಯಲ್ಲೇ ಇದ್ದು ಆನ್‌ಲೈನ್ ಮೂಲಕ ದರ್ಶನ ಪಡೆಯಲು ವ್ಯವಸ್ಥೆ ಮಾಡಲಾಗಿದೆ.
ಗೋಕರ್ಣ ತೀರ್ಥ: ಪಂಚಲಿಂಗ ದರ್ಶನಕ್ಕೆ ಬರುವ ಭಕ್ತರು ಮೊದಲು ಗೋಕರ್ಣ ತೀರ್ಥದಲ್ಲಿ ಸ್ನಾನ ಮಾಡುತ್ತಾರೆ. ಇಲ್ಲಿನ ನೀರು ಪವಿತ್ರವೆಂದು ನಂಬಲಾಗಿದೆ. ಗಂಗರ ಕಾಲದ ಶಾಸನಗಳು ಇಲ್ಲಿ ಕಂಡುಬಂದಿವೆ.
ಈ ವರ್ಷ 2020ರ ಡಿಸೆಂಬರ್ 14ರಂದು ಪಂಚಲಿಂಗ ದರ್ಶನ ಮಹೋತ್ಸವ ಜರುಗುತ್ತಿದೆ. ಸಾಮಾನ್ಯವಾಗಿ 12 ವರ್ಷಗಳಿಗೊಮ್ಮೆ ನಡೆಯುವ ಈ ಉತ್ಸವದಲ್ಲಿ ಪಾಲ್ಗೊಂಡು ಭಕ್ತರು ಪುನೀತರಾಗುತ್ತಾರೆ. ಪಂಚಲಿಂಗ ದರ್ಶನ ಪಡೆದು ಕೃತಾರ್ಥರಾಗೋಣ.
– ಬನ್ನೂರು ಕೆ. ರಾಜು
ಮೊ: 9481533167
Printed by T.S. Gopinath, Published by M. Govinde Gowda on behalf of Academy Newspapers Private Limited, 15-C Industrial 'A' Layout, Bannimantap, Mysore-570 015 and Printed at Academy Newspapers Private Limited, 15-C Industrial 'A' Layout, Bannimantap, Mysore-570 015 and Published at 15-C Industrial 'A' Layout, Bannimantap, Mysore-570 015, Editor: M. Govinde Gowda Ph: 2496520 / 2496521 / 2496526 / 2496527 / 2496528. Fax: 0821-2496525. City Offices: Visveswaraya Building, III Floor, K.R. Circle, Mysore-570 001, Ph: 2431774 and No. 114, D. Devaraj Urs Road (Opposite Big Bus), Mysore-570 001. Ph: 2428695. RNI Reg. No. 36581 / 1980 E-mail address: mysooruMithra@gmail.com For advertisements: mysooruMithra@gmail.com
